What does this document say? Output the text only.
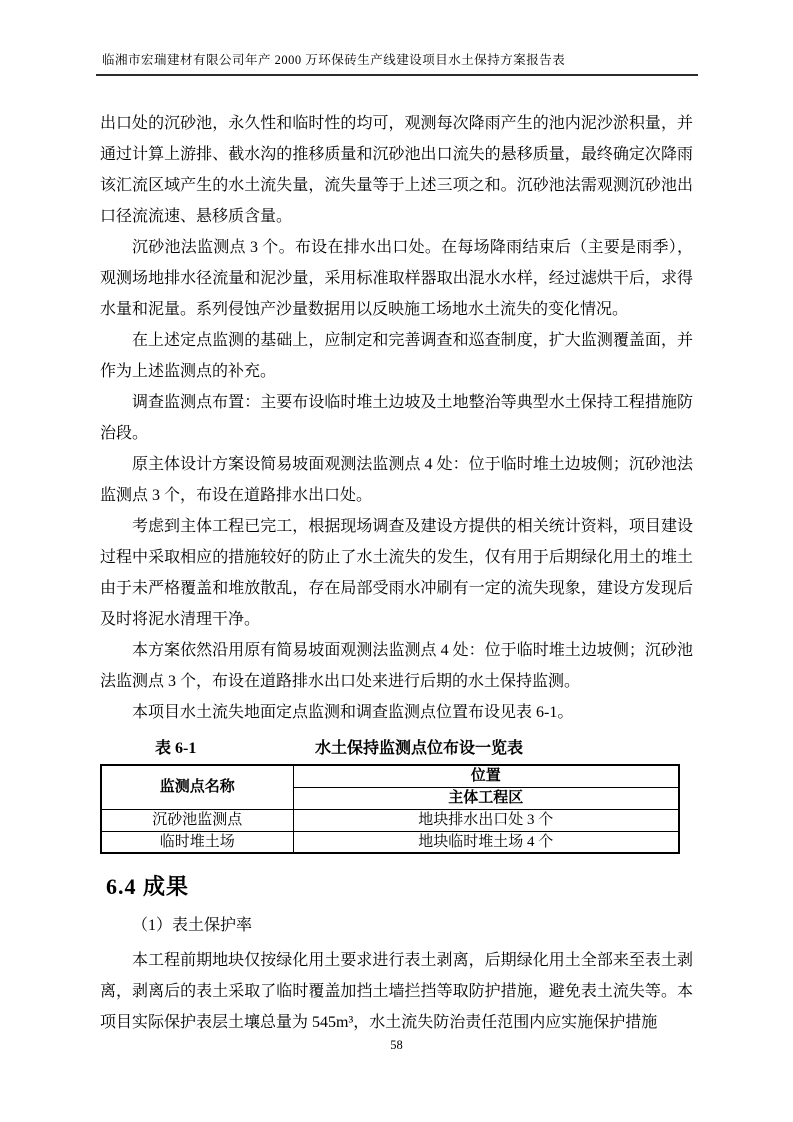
临湘市宏瑞建材有限公司年产 2000 万环保砖生产线建设项目水土保持方案报告表

出口处的沉砂池，永久性和临时性的均可，观测每次降雨产生的池内泥沙淤积量，并通过计算上游排、截水沟的推移质量和沉砂池出口流失的悬移质量，最终确定次降雨该汇流区域产生的水土流失量，流失量等于上述三项之和。沉砂池法需观测沉砂池出口径流流速、悬移质含量。

沉砂池法监测点 3 个。布设在排水出口处。在每场降雨结束后（主要是雨季），观测场地排水径流量和泥沙量，采用标准取样器取出混水水样，经过滤烘干后，求得水量和泥量。系列侵蚀产沙量数据用以反映施工场地水土流失的变化情况。

在上述定点监测的基础上，应制定和完善调查和巡查制度，扩大监测覆盖面，并作为上述监测点的补充。

调查监测点布置：主要布设临时堆土边坡及土地整治等典型水土保持工程措施防治段。

原主体设计方案设简易坡面观测法监测点 4 处：位于临时堆土边坡侧；沉砂池法监测点 3 个，布设在道路排水出口处。

考虑到主体工程已完工，根据现场调查及建设方提供的相关统计资料，项目建设过程中采取相应的措施较好的防止了水土流失的发生，仅有用于后期绿化用土的堆土由于未严格覆盖和堆放散乱，存在局部受雨水冲刷有一定的流失现象，建设方发现后及时将泥水清理干净。

本方案依然沿用原有简易坡面观测法监测点 4 处：位于临时堆土边坡侧；沉砂池法监测点 3 个，布设在道路排水出口处来进行后期的水土保持监测。

本项目水土流失地面定点监测和调查监测点位置布设见表 6-1。

表 6-1	水土保持监测点位布设一览表
监测点名称	位置
	主体工程区
沉砂池监测点	地块排水出口处 3 个
临时堆土场	地块临时堆土场 4 个
6.4 成果

（1）表土保护率

本工程前期地块仅按绿化用土要求进行表土剥离，后期绿化用土全部来至表土剥离，剥离后的表土采取了临时覆盖加挡土墙拦挡等取防护措施，避免表土流失等。本项目实际保护表层土壤总量为 545m³，水土流失防治责任范围内应实施保护措施

58
